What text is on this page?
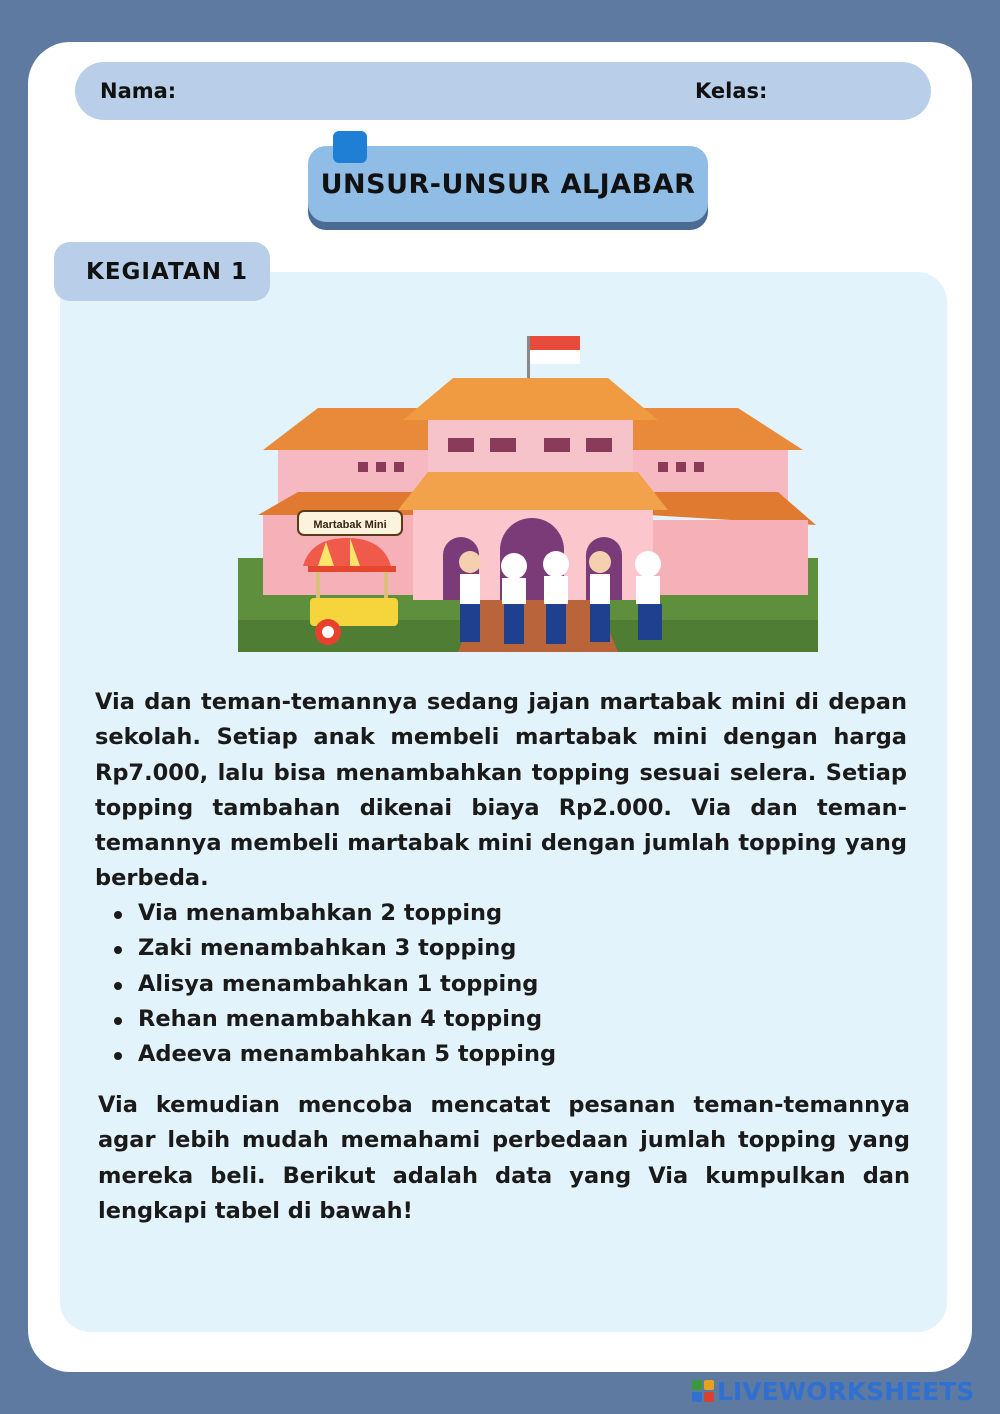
Nama:	Kelas:
UNSUR-UNSUR ALJABAR
KEGIATAN 1
Martabak Mini

Via dan teman-temannya sedang jajan martabak mini di depan sekolah. Setiap anak membeli martabak mini dengan harga Rp7.000, lalu bisa menambahkan topping sesuai selera. Setiap topping tambahan dikenai biaya Rp2.000. Via dan teman-temannya membeli martabak mini dengan jumlah topping yang berbeda.

Via menambahkan 2 topping
Zaki menambahkan 3 topping
Alisya menambahkan 1 topping
Rehan menambahkan 4 topping
Adeeva menambahkan 5 topping

Via kemudian mencoba mencatat pesanan teman-temannya agar lebih mudah memahami perbedaan jumlah topping yang mereka beli. Berikut adalah data yang Via kumpulkan dan lengkapi tabel di bawah!

LIVEWORKSHEETS
